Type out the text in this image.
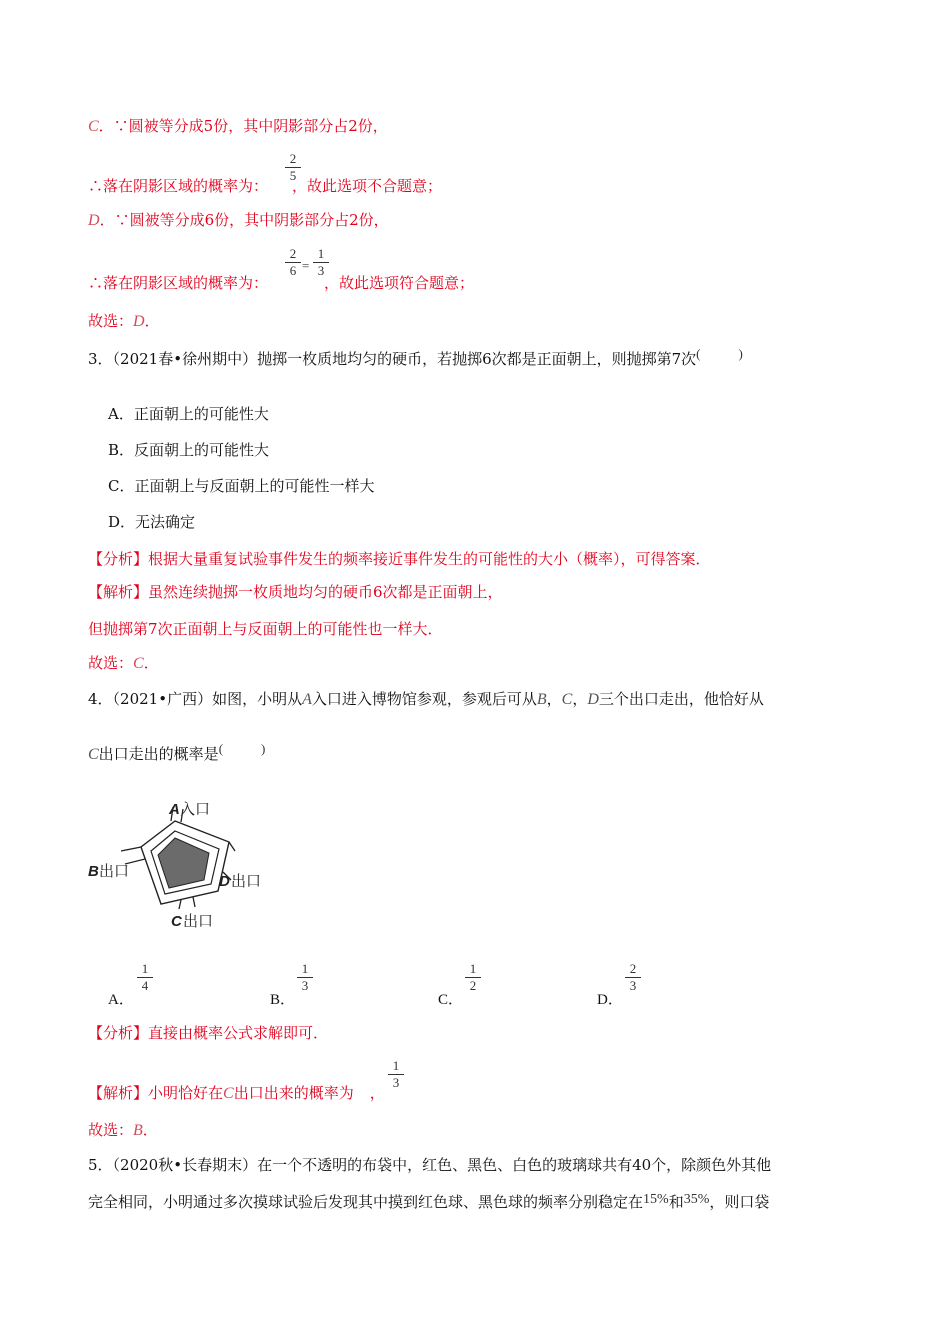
C．∵圆被等分成5份，其中阴影部分占2份，
$\frac{2}{5}$
∴落在阴影区域的概率为： ，故此选项不合题意；
D．∵圆被等分成6份，其中阴影部分占2份，
$\frac{2}{6} = \frac{1}{3}$
∴落在阴影区域的概率为：	，故此选项符合题意；
故选：D．
3．（2021春•徐州期中）抛掷一枚质地均匀的硬币，若抛掷6次都是正面朝上，则抛掷第7次(	)
A．正面朝上的可能性大
B．反面朝上的可能性大
C．正面朝上与反面朝上的可能性一样大
D．无法确定
【分析】根据大量重复试验事件发生的频率接近事件发生的可能性的大小（概率），可得答案．
【解析】虽然连续抛掷一枚质地均匀的硬币6次都是正面朝上，
但抛掷第7次正面朝上与反面朝上的可能性也一样大．
故选：C．
4．（2021•广西）如图，小明从A入口进入博物馆参观，参观后可从B，C，D三个出口走出，他恰好从
C出口走出的概率是(	)
A 入口
B 出口
D 出口
C 出口
A．
$\frac{1}{4}$
B．
$\frac{1}{3}$
C．
$\frac{1}{2}$
D．
$\frac{2}{3}$
【分析】直接由概率公式求解即可．
$\frac{1}{3}$
【解析】小明恰好在C出口出来的概率为 ，
故选：B．
5．（2020秋•长春期末）在一个不透明的布袋中，红色、黑色、白色的玻璃球共有40个，除颜色外其他
完全相同，小明通过多次摸球试验后发现其中摸到红色球、黑色球的频率分别稳定在15%和35%，则口袋
